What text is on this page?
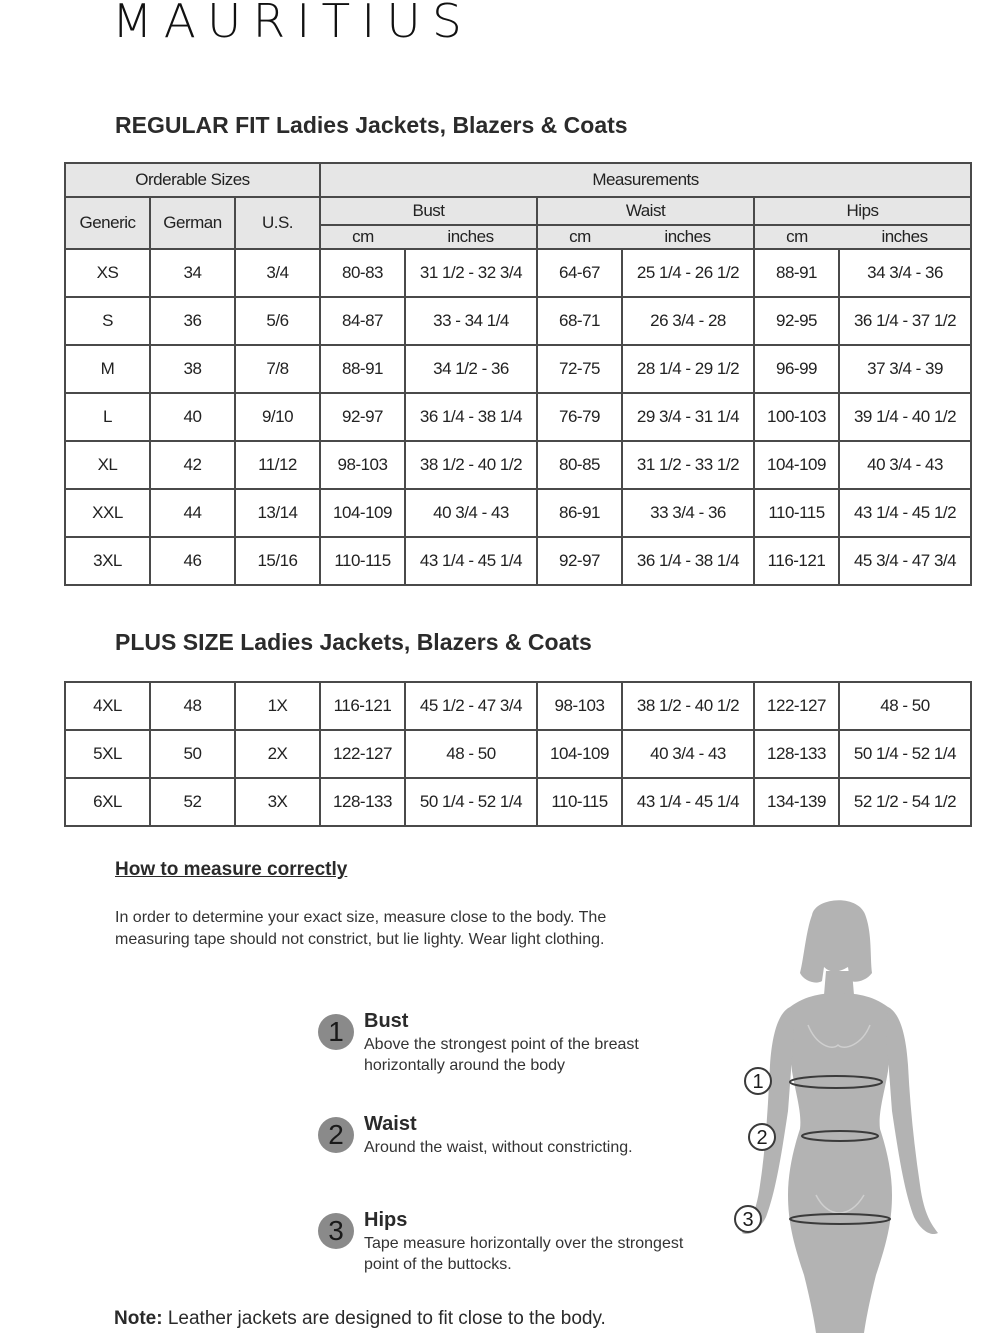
MAURITIUS
REGULAR FIT Ladies Jackets, Blazers & Coats
Orderable Sizes			Measurements					
Generic	German	U.S.	Bust		Waist		Hips	
			cm	inches	cm	inches	cm	inches
XS	34	3/4	80-83	31 1/2 - 32 3/4	64-67	25 1/4 - 26 1/2	88-91	34 3/4 - 36
S	36	5/6	84-87	33 - 34 1/4	68-71	26 3/4 - 28	92-95	36 1/4 - 37 1/2
M	38	7/8	88-91	34 1/2 - 36	72-75	28 1/4 - 29 1/2	96-99	37 3/4 - 39
L	40	9/10	92-97	36 1/4 - 38 1/4	76-79	29 3/4 - 31 1/4	100-103	39 1/4 - 40 1/2
XL	42	11/12	98-103	38 1/2 - 40 1/2	80-85	31 1/2 - 33 1/2	104-109	40 3/4 - 43
XXL	44	13/14	104-109	40 3/4 - 43	86-91	33 3/4 - 36	110-115	43 1/4 - 45 1/2
3XL	46	15/16	110-115	43 1/4 - 45 1/4	92-97	36 1/4 - 38 1/4	116-121	45 3/4 - 47 3/4
PLUS SIZE Ladies Jackets, Blazers & Coats
4XL	48	1X	116-121	45 1/2 - 47 3/4	98-103	38 1/2 - 40 1/2	122-127	48 - 50
5XL	50	2X	122-127	48 - 50	104-109	40 3/4 - 43	128-133	50 1/4 - 52 1/4
6XL	52	3X	128-133	50 1/4 - 52 1/4	110-115	43 1/4 - 45 1/4	134-139	52 1/2 - 54 1/2
How to measure correctly

In order to determine your exact size, measure close to the body. The measuring tape should not constrict, but lie lighty. Wear light clothing.

1	Bust

Above the strongest point of the breast horizontally around the body

2	Waist

Around the waist, without constricting.

3	Hips

Tape measure horizontally over the strongest point of the buttocks.

1
2
3

Note: Leather jackets are designed to fit close to the body.
